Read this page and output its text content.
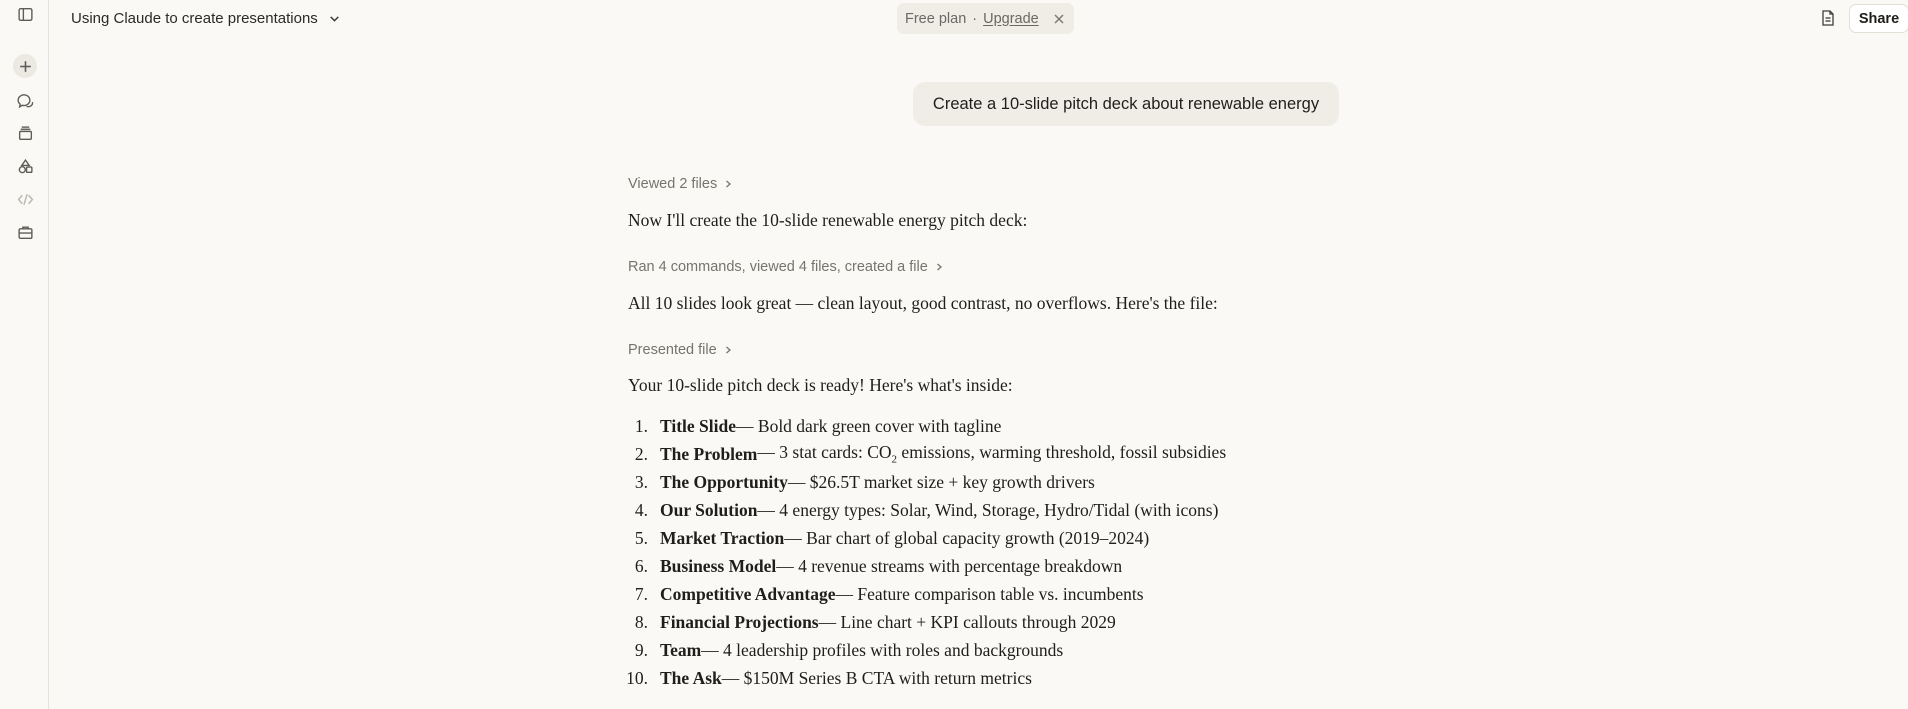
Using Claude to create presentations	Free plan · Upgrade	Share
Create a 10-slide pitch deck about renewable energy
Viewed 2 files
Now I'll create the 10-slide renewable energy pitch deck:
Ran 4 commands, viewed 4 files, created a file
All 10 slides look great — clean layout, good contrast, no overflows. Here's the file:
Presented file
Your 10-slide pitch deck is ready! Here's what's inside:
1. Title Slide — Bold dark green cover with tagline
2. The Problem — 3 stat cards: $CO_2$ emissions, warming threshold, fossil subsidies
3. The Opportunity — $26.5T market size + key growth drivers
4. Our Solution — 4 energy types: Solar, Wind, Storage, Hydro/Tidal (with icons)
5. Market Traction — Bar chart of global capacity growth (2019–2024)
6. Business Model — 4 revenue streams with percentage breakdown
7. Competitive Advantage — Feature comparison table vs. incumbents
8. Financial Projections — Line chart + KPI callouts through 2029
9. Team — 4 leadership profiles with roles and backgrounds
10. The Ask — $150M Series B CTA with return metrics
